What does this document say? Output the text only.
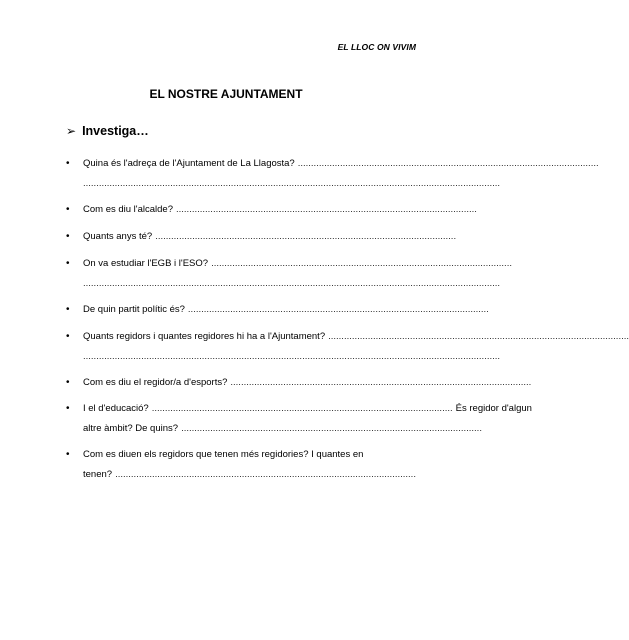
EL LLOC ON VIVIM
EL NOSTRE AJUNTAMENT
➢ Investiga…
• Quina és l'adreça de l'Ajuntament de La Llagosta? ..................................................................................................................
..............................................................................................................................................................
• Com es diu l'alcalde? ..................................................................................................................
• Quants anys té? ..................................................................................................................
• On va estudiar l'EGB i l'ESO? ..................................................................................................................
..............................................................................................................................................................
• De quin partit polític és? ..................................................................................................................
• Quants regidors i quantes regidores hi ha a l'Ajuntament? ..................................................................................................................
..............................................................................................................................................................
• Com es diu el regidor/a d'esports? ..................................................................................................................
• I el d'educació? .................................................................................................................. És regidor d'algun
altre àmbit? De quins? ..................................................................................................................
• Com es diuen els regidors que tenen més regidories? I quantes en
tenen? ..................................................................................................................
